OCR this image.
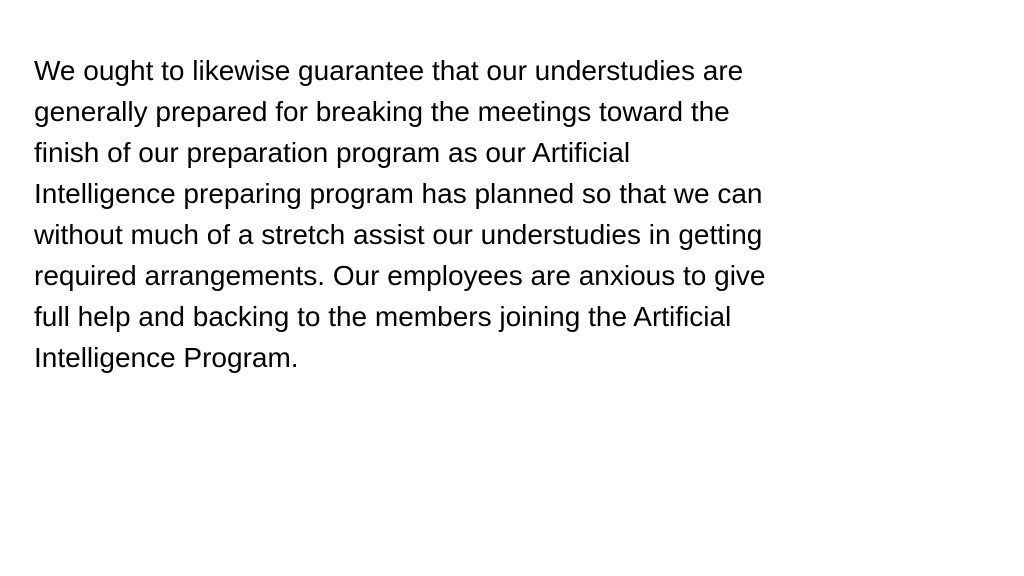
We ought to likewise guarantee that our understudies are
generally prepared for breaking the meetings toward the
finish of our preparation program as our Artificial
Intelligence preparing program has planned so that we can
without much of a stretch assist our understudies in getting
required arrangements. Our employees are anxious to give
full help and backing to the members joining the Artificial
Intelligence Program.
